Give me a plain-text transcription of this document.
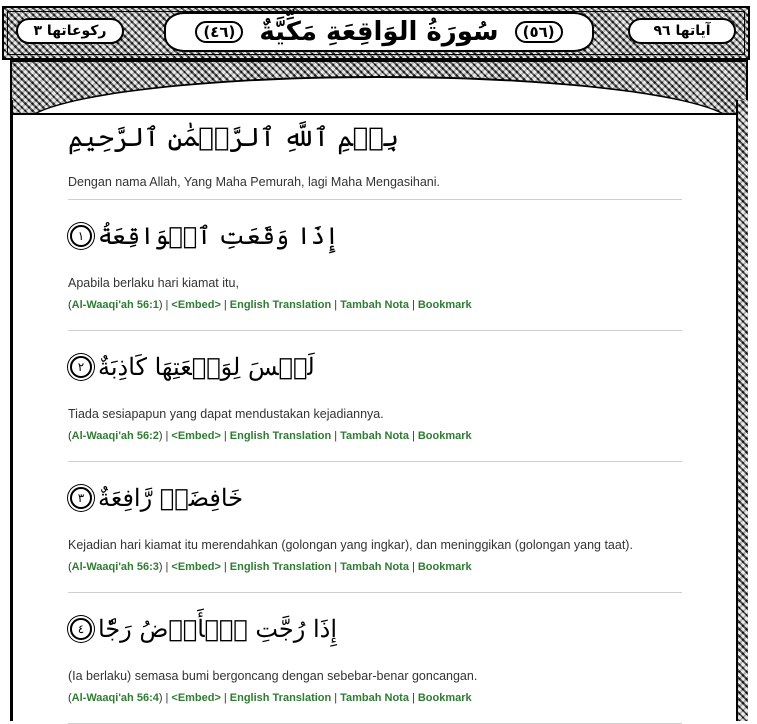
ركوعاتها ٣	(٥٦)
سُورَةُ الوَاقِعَةِ مَكِّيَّةٌ
(٤٦)	آياتها ٩٦
بِسۡمِ ٱللَّهِ ٱلرَّحۡمَٰنِ ٱلرَّحِيمِ
Dengan nama Allah, Yang Maha Pemurah, lagi Maha Mengasihani.
إِذَا وَقَعَتِ ٱلۡوَاقِعَةُ
١
Apabila berlaku hari kiamat itu,
(Al-Waaqi'ah 56:1) | <Embed> | English Translation | Tambah Nota | Bookmark
لَيۡسَ لِوَقۡعَتِهَا كَاذِبَةٌ
٢
Tiada sesiapapun yang dapat mendustakan kejadiannya.
(Al-Waaqi'ah 56:2) | <Embed> | English Translation | Tambah Nota | Bookmark
خَافِضَةٞ رَّافِعَةٌ
٣
Kejadian hari kiamat itu merendahkan (golongan yang ingkar), dan meninggikan (golongan yang taat).
(Al-Waaqi'ah 56:3) | <Embed> | English Translation | Tambah Nota | Bookmark
إِذَا رُجَّتِ ٱلۡأَرۡضُ رَجّٗا
٤
(Ia berlaku) semasa bumi bergoncang dengan sebebar-benar goncangan.
(Al-Waaqi'ah 56:4) | <Embed> | English Translation | Tambah Nota | Bookmark
